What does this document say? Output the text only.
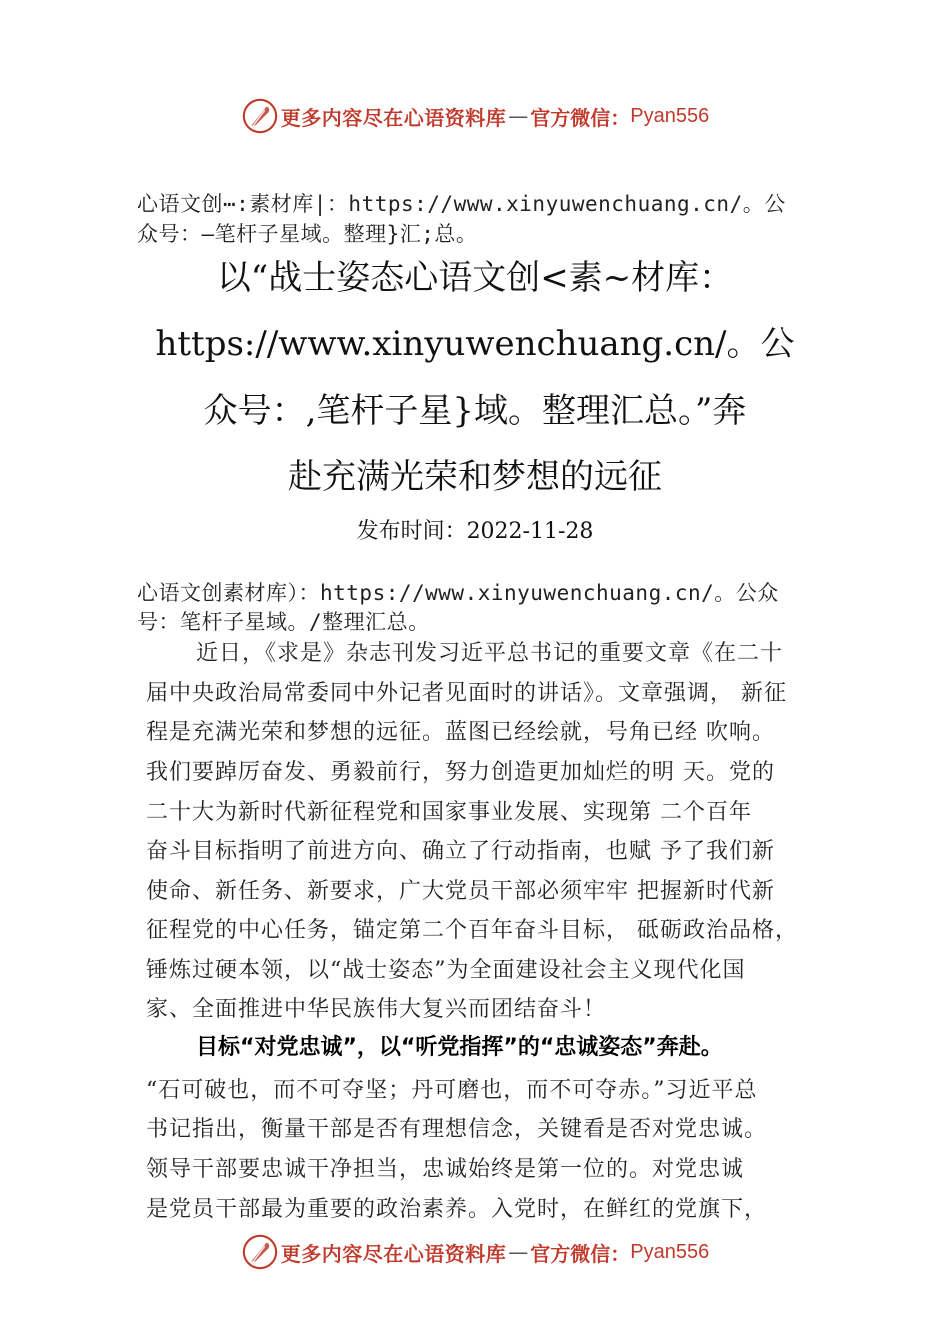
更多内容尽在心语资料库 — 官方微信： Pyan556
心语文创⋯:素材库|：https://www.xinyuwenchuang.cn/。公
众号：—笔杆子星域。整理}汇;总。
以“战士姿态心语文创<素~材库：
https://www.xinyuwenchuang.cn/。公
众号：,笔杆子星}域。整理汇总。”奔
赴充满光荣和梦想的远征
发布时间：2022-11-28
心语文创素材库）：https://www.xinyuwenchuang.cn/。公众
号：笔杆子星域。/整理汇总。
近日，《求是》杂志刊发习近平总书记的重要文章《在二十
届中央政治局常委同中外记者见面时的讲话》。文章强调， 新征
程是充满光荣和梦想的远征。蓝图已经绘就，号角已经 吹响。
我们要踔厉奋发、勇毅前行，努力创造更加灿烂的明 天。党的
二十大为新时代新征程党和国家事业发展、实现第 二个百年
奋斗目标指明了前进方向、确立了行动指南，也赋 予了我们新
使命、新任务、新要求，广大党员干部必须牢牢 把握新时代新
征程党的中心任务，锚定第二个百年奋斗目标， 砥砺政治品格，
锤炼过硬本领，以“战士姿态”为全面建设社会主义现代化国
家、全面推进中华民族伟大复兴而团结奋斗！
目标“对党忠诚”，以“听党指挥”的“忠诚姿态”奔赴。
“石可破也，而不可夺坚；丹可磨也，而不可夺赤。”习近平总
书记指出，衡量干部是否有理想信念，关键看是否对党忠诚。
领导干部要忠诚干净担当，忠诚始终是第一位的。对党忠诚
是党员干部最为重要的政治素养。入党时，在鲜红的党旗下，
更多内容尽在心语资料库 — 官方微信： Pyan556
